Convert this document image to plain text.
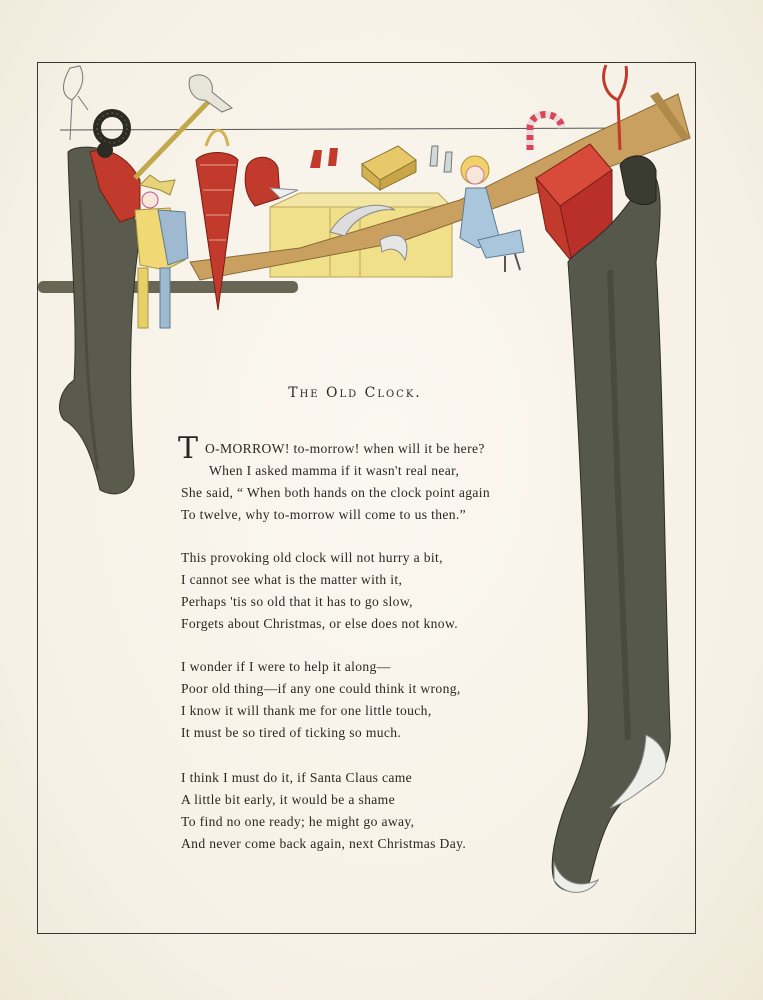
The Old Clock.
T O-MORROW! to-morrow! when will it be here?
When I asked mamma if it wasn't real near,
She said, “ When both hands on the clock point again
To twelve, why to-morrow will come to us then.”
This provoking old clock will not hurry a bit,
I cannot see what is the matter with it,
Perhaps 'tis so old that it has to go slow,
Forgets about Christmas, or else does not know.
I wonder if I were to help it along—
Poor old thing—if any one could think it wrong,
I know it will thank me for one little touch,
It must be so tired of ticking so much.
I think I must do it, if Santa Claus came
A little bit early, it would be a shame
To find no one ready; he might go away,
And never come back again, next Christmas Day.
